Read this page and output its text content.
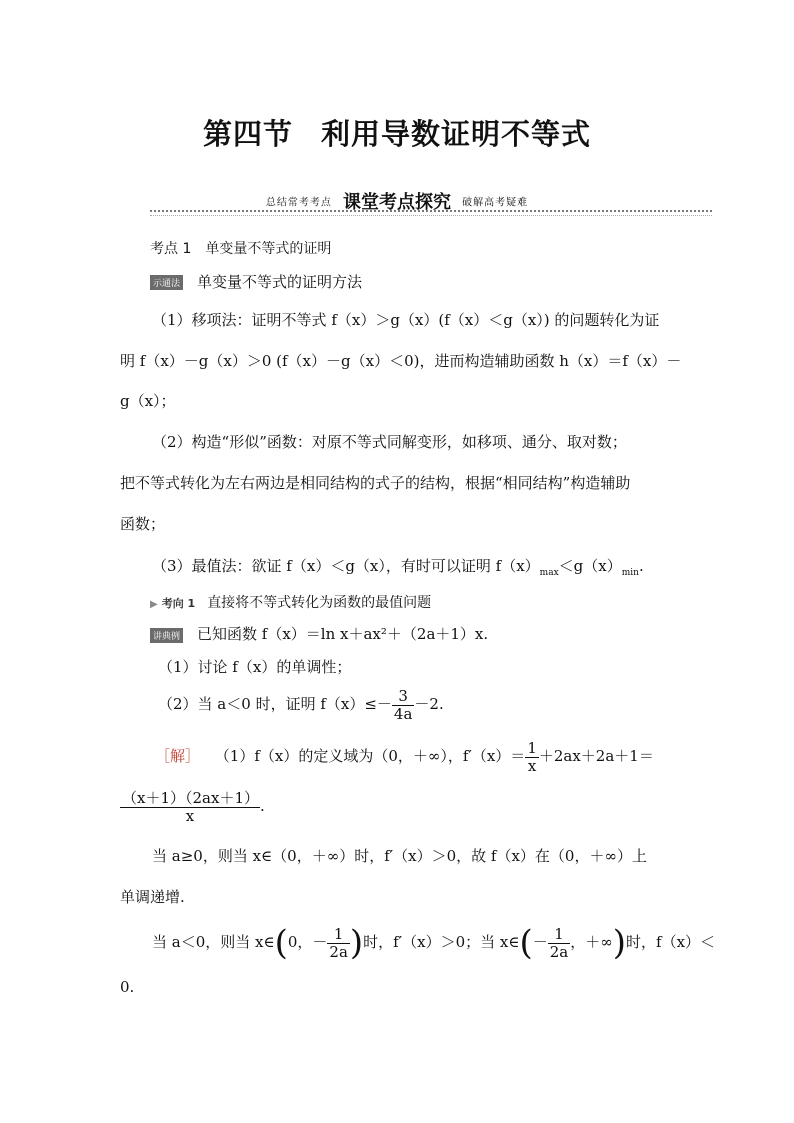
第四节 利用导数证明不等式
总结常考考点 课堂考点探究 破解高考疑难
考点 1　单变量不等式的证明
示通法 单变量不等式的证明方法
（1）移项法：证明不等式 f（x）＞g（x）(f（x）＜g（x）) 的问题转化为证
明 f（x）－g（x）＞0 (f（x）－g（x）＜0)，进而构造辅助函数 h（x）＝f（x）－
g（x）；
（2）构造“形似”函数：对原不等式同解变形，如移项、通分、取对数；
把不等式转化为左右两边是相同结构的式子的结构，根据“相同结构”构造辅助
函数；
（3）最值法：欲证 f（x）＜g（x），有时可以证明 $f(x)_{max}<g(x)_{min}$.
▶ 考向 1 直接将不等式转化为函数的最值问题
讲典例 已知函数 f（x）＝ln x＋ax²＋（2a＋1）x.
（1）讨论 f（x）的单调性；
（2）当 a＜0 时，证明 $f(x)\le- \frac{3}{4a} -2$.
［解］ （1）f（x）的定义域为（0，＋∞），$f'(x)= \frac{1}{x} +2ax+2a+1=$
$\frac{(x+1)(2ax+1)}{x}$ .
当 a≥0，则当 x∈（0，＋∞）时，f′（x）＞0，故 f（x）在（0，＋∞）上
单调递增.
当 a＜0，则当 x∈(0，－ $\frac{1}{2a}$ )时，f′（x）＞0；当 x∈(－ $\frac{1}{2a}$ ，＋∞)时，f（x）＜
0.
